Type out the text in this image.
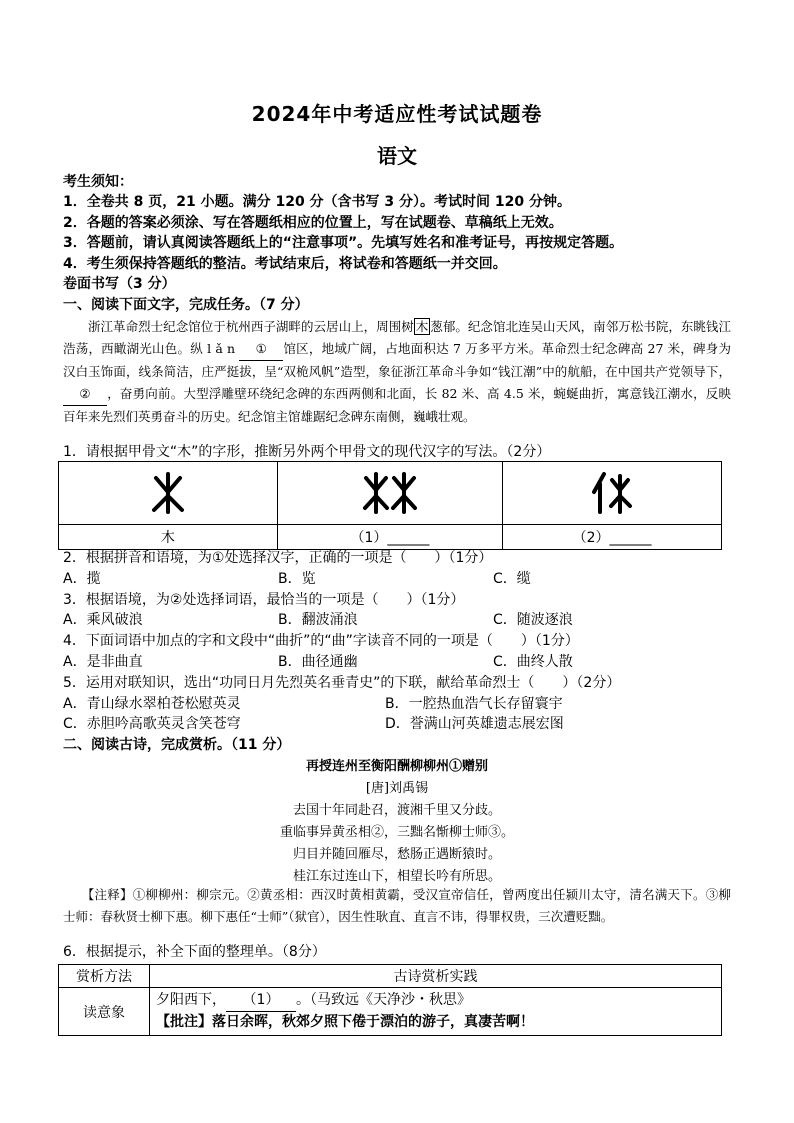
2024年中考适应性考试试题卷
语文
考生须知：
1．全卷共 8 页，21 小题。满分 120 分（含书写 3 分）。考试时间 120 分钟。
2．各题的答案必须涂、写在答题纸相应的位置上，写在试题卷、草稿纸上无效。
3．答题前，请认真阅读答题纸上的“注意事项”。先填写姓名和准考证号，再按规定答题。
4．考生须保持答题纸的整洁。考试结束后，将试卷和答题纸一并交回。
卷面书写（3 分）
一、阅读下面文字，完成任务。（7 分）
浙江革命烈士纪念馆位于杭州西子湖畔的云居山上，周围树 木 葱郁。纪念馆北连吴山天风，南邻万松书院，东眺钱江浩荡，西瞰湖光山色。纵 l ǎ n ① 馆区，地域广阔，占地面积达 7 万多平方米。革命烈士纪念碑高 27 米，碑身为汉白玉饰面，线条简洁，庄严挺拔，呈“双桅风帆”造型，象征浙江革命斗争如“钱江潮”中的航船，在中国共产党领导下，② ，奋勇向前。大型浮雕壁环绕纪念碑的东西两侧和北面，长 82 米、高 4.5 米，蜿蜒曲折，寓意钱江潮水，反映百年来先烈们英勇奋斗的历史。纪念馆主馆雄踞纪念碑东南侧，巍峨壮观。
1．请根据甲骨文“木”的字形，推断另外两个甲骨文的现代汉字的写法。（2分）

木	（1）______	（2）______
2．根据拼音和语境，为①处选择汉字，正确的一项是（　　）（1分）
A．揽	B．览	C．缆
3．根据语境，为②处选择词语，最恰当的一项是（　　）（1分）
A．乘风破浪	B．翻波涌浪	C．随波逐浪
4．下面词语中加点的字和文段中“曲折”的“曲”字读音不同的一项是（　　）（1分）
A．是非曲直	B．曲径通幽	C．曲终人散
5．运用对联知识，选出“功同日月先烈英名垂青史”的下联，献给革命烈士（　　）（2分）
A．青山绿水翠柏苍松慰英灵	B．一腔热血浩气长存留寰宇
C．赤胆吟高歌英灵含笑苍穹	D．誉满山河英雄遗志展宏图
二、阅读古诗，完成赏析。（11 分）
再授连州至衡阳酬柳柳州①赠别
[唐]刘禹锡
去国十年同赴召，渡湘千里又分歧。
重临事异黄丞相②，三黜名惭柳士师③。
归目并随回雁尽，愁肠正遇断猿时。
桂江东过连山下，相望长吟有所思。
【注释】①柳柳州：柳宗元。②黄丞相：西汉时黄相黄霸，受汉宣帝信任，曾两度出任颍川太守，清名满天下。③柳士师：春秋贤士柳下惠。柳下惠任“士师”（狱官），因生性耿直、直言不讳，得罪权贵，三次遭贬黜。
6．根据提示，补全下面的整理单。（8分）
赏析方法	古诗赏析实践
读意象	夕阳西下， （1） 。（马致远《天净沙・秋思》
【批注】落日余晖，秋郊夕照下倦于漂泊的游子，真凄苦啊！
